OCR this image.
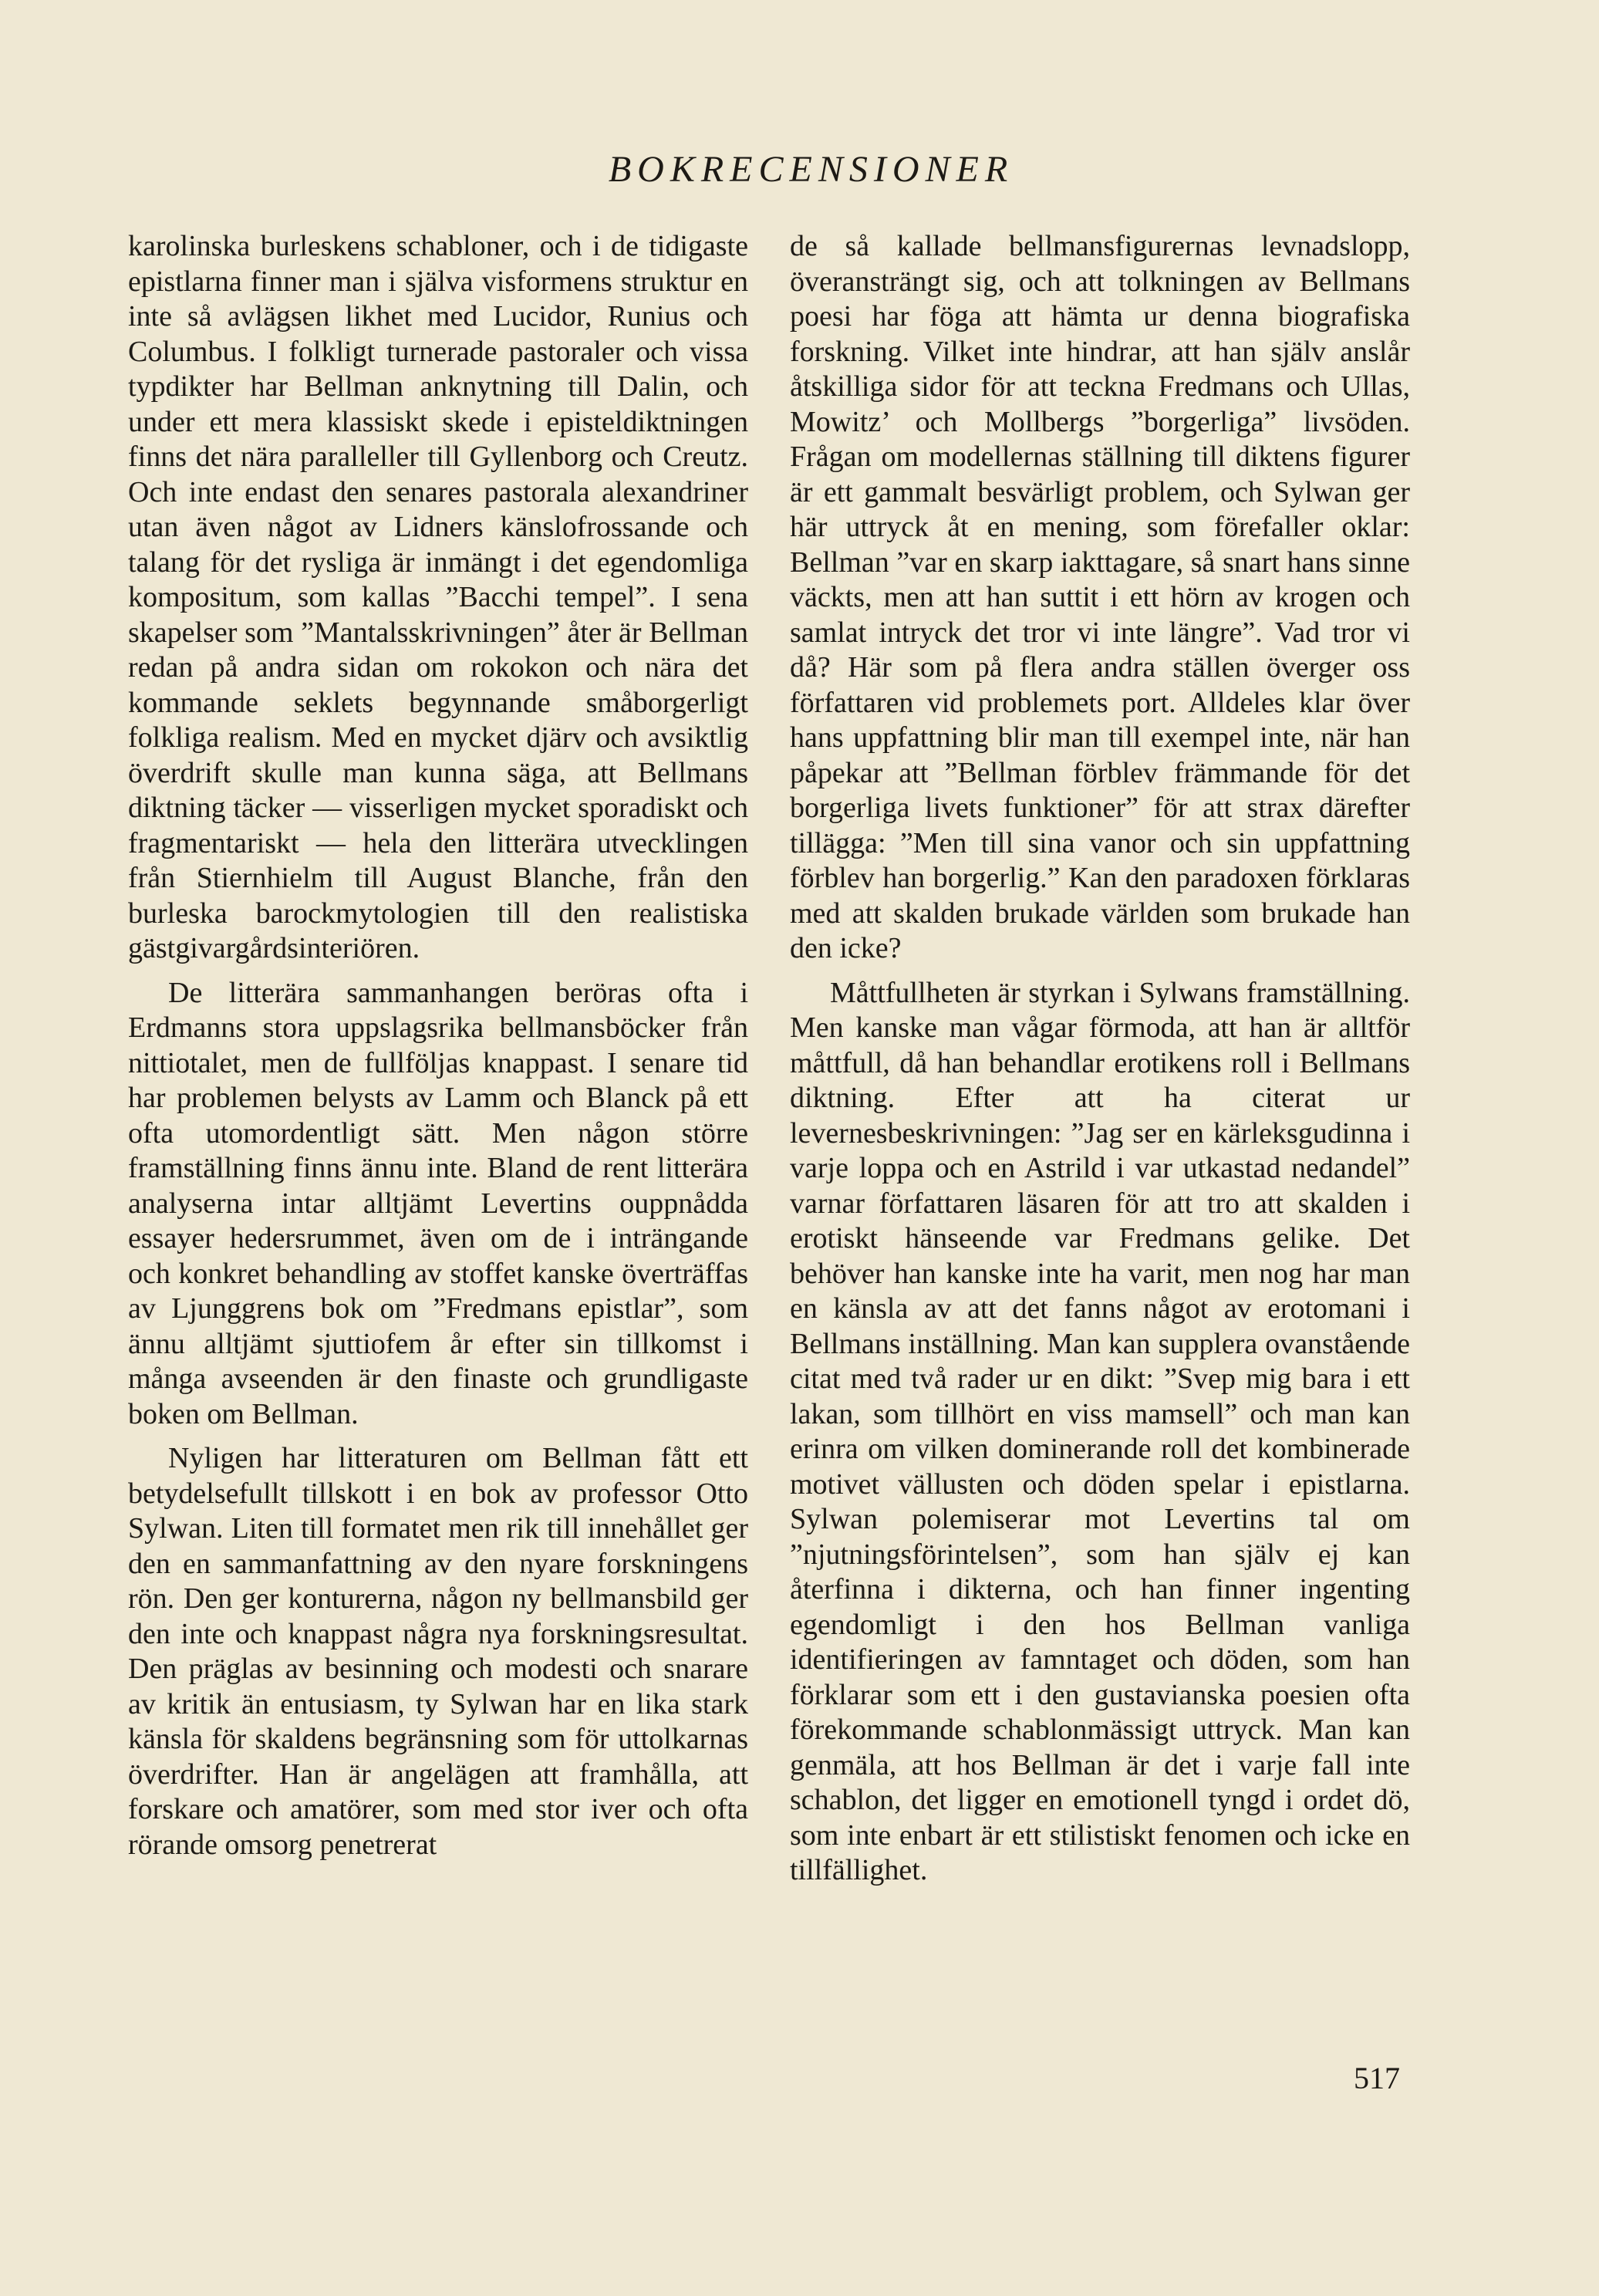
BOKRECENSIONER

karolinska burleskens schabloner, och i de tidigaste epistlarna finner man i själva visformens struktur en inte så avlägsen likhet med Lucidor, Runius och Columbus. I folkligt turnerade pastoraler och vissa typdikter har Bellman anknytning till Dalin, och under ett mera klassiskt skede i episteldiktningen finns det nära paralleller till Gyllenborg och Creutz. Och inte endast den senares pastorala alexandriner utan även något av Lidners känslofrossande och talang för det rysliga är inmängt i det egendomliga kompositum, som kallas ”Bacchi tempel”. I sena skapelser som ”Mantalsskrivningen” åter är Bellman redan på andra sidan om rokokon och nära det kommande seklets begynnande småborgerligt folkliga realism. Med en mycket djärv och avsiktlig överdrift skulle man kunna säga, att Bellmans diktning täcker — visserligen mycket sporadiskt och fragmentariskt — hela den litterära utvecklingen från Stiernhielm till August Blanche, från den burleska barockmytologien till den realistiska gästgivargårdsinteriören.

De litterära sammanhangen beröras ofta i Erdmanns stora uppslagsrika bellmansböcker från nittiotalet, men de fullföljas knappast. I senare tid har problemen belysts av Lamm och Blanck på ett ofta utomordentligt sätt. Men någon större framställning finns ännu inte. Bland de rent litterära analyserna intar alltjämt Levertins ouppnådda essayer hedersrummet, även om de i inträngande och konkret behandling av stoffet kanske överträffas av Ljunggrens bok om ”Fredmans epistlar”, som ännu alltjämt sjuttiofem år efter sin tillkomst i många avseenden är den finaste och grundligaste boken om Bellman.

Nyligen har litteraturen om Bellman fått ett betydelsefullt tillskott i en bok av professor Otto Sylwan. Liten till formatet men rik till innehållet ger den en sammanfattning av den nyare forskningens rön. Den ger konturerna, någon ny bellmansbild ger den inte och knappast några nya forskningsresultat. Den präglas av besinning och modesti och snarare av kritik än entusiasm, ty Sylwan har en lika stark känsla för skaldens begränsning som för uttolkarnas överdrifter. Han är angelägen att framhålla, att forskare och amatörer, som med stor iver och ofta rörande omsorg penetrerat

de så kallade bellmansfigurernas levnadslopp, överansträngt sig, och att tolkningen av Bellmans poesi har föga att hämta ur denna biografiska forskning. Vilket inte hindrar, att han själv anslår åtskilliga sidor för att teckna Fredmans och Ullas, Mowitz’ och Mollbergs ”borgerliga” livsöden. Frågan om modellernas ställning till diktens figurer är ett gammalt besvärligt problem, och Sylwan ger här uttryck åt en mening, som förefaller oklar: Bellman ”var en skarp iakttagare, så snart hans sinne väckts, men att han suttit i ett hörn av krogen och samlat intryck det tror vi inte längre”. Vad tror vi då? Här som på flera andra ställen överger oss författaren vid problemets port. Alldeles klar över hans uppfattning blir man till exempel inte, när han påpekar att ”Bellman förblev främmande för det borgerliga livets funktioner” för att strax därefter tillägga: ”Men till sina vanor och sin uppfattning förblev han borgerlig.” Kan den paradoxen förklaras med att skalden brukade världen som brukade han den icke?

Måttfullheten är styrkan i Sylwans framställning. Men kanske man vågar förmoda, att han är alltför måttfull, då han behandlar erotikens roll i Bellmans diktning. Efter att ha citerat ur levernesbeskrivningen: ”Jag ser en kärleksgudinna i varje loppa och en Astrild i var utkastad nedandel” varnar författaren läsaren för att tro att skalden i erotiskt hänseende var Fredmans gelike. Det behöver han kanske inte ha varit, men nog har man en känsla av att det fanns något av erotomani i Bellmans inställning. Man kan supplera ovanstående citat med två rader ur en dikt: ”Svep mig bara i ett lakan, som tillhört en viss mamsell” och man kan erinra om vilken dominerande roll det kombinerade motivet vällusten och döden spelar i epistlarna. Sylwan polemiserar mot Levertins tal om ”njutningsförintelsen”, som han själv ej kan återfinna i dikterna, och han finner ingenting egendomligt i den hos Bellman vanliga identifieringen av famntaget och döden, som han förklarar som ett i den gustavianska poesien ofta förekommande schablonmässigt uttryck. Man kan genmäla, att hos Bellman är det i varje fall inte schablon, det ligger en emotionell tyngd i ordet dö, som inte enbart är ett stilistiskt fenomen och icke en tillfällighet.

517
